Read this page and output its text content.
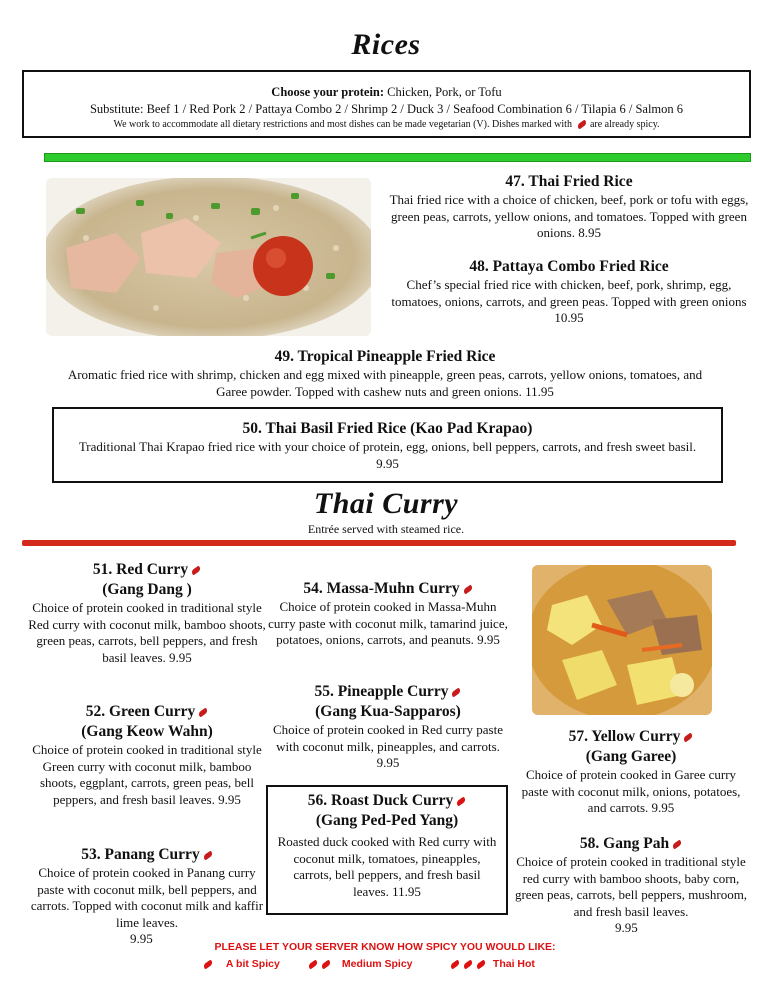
Rices
Choose your protein: Chicken, Pork, or Tofu
Substitute: Beef 1 / Red Pork 2 / Pattaya Combo 2 / Shrimp 2 / Duck 3 / Seafood Combination 6 / Tilapia 6 / Salmon 6
We work to accommodate all dietary restrictions and most dishes can be made vegetarian (V). Dishes marked with are already spicy.
47. Thai Fried Rice
Thai fried rice with a choice of chicken, beef, pork or tofu with eggs, green peas, carrots, yellow onions, and tomatoes. Topped with green onions. 8.95
48. Pattaya Combo Fried Rice
Chef’s special fried rice with chicken, beef, pork, shrimp, egg, tomatoes, onions, carrots, and green peas. Topped with green onions 10.95
49. Tropical Pineapple Fried Rice
Aromatic fried rice with shrimp, chicken and egg mixed with pineapple, green peas, carrots, yellow onions, tomatoes, and Garee powder. Topped with cashew nuts and green onions. 11.95
50. Thai Basil Fried Rice (Kao Pad Krapao)
Traditional Thai Krapao fried rice with your choice of protein, egg, onions, bell peppers, carrots, and fresh sweet basil. 9.95
Thai Curry
Entrée served with steamed rice.
51. Red Curry
(Gang Dang )
Choice of protein cooked in traditional style Red curry with coconut milk, bamboo shoots, green peas, carrots, bell peppers, and fresh basil leaves. 9.95
52. Green Curry
(Gang Keow Wahn)
Choice of protein cooked in traditional style Green curry with coconut milk, bamboo shoots, eggplant, carrots, green peas, bell peppers, and fresh basil leaves. 9.95
53. Panang Curry
Choice of protein cooked in Panang curry paste with coconut milk, bell peppers, and carrots. Topped with coconut milk and kaffir lime leaves.
9.95
54. Massa-Muhn Curry
Choice of protein cooked in Massa-Muhn curry paste with coconut milk, tamarind juice, potatoes, onions, carrots, and peanuts. 9.95
55. Pineapple Curry
(Gang Kua-Sapparos)
Choice of protein cooked in Red curry paste with coconut milk, pineapples, and carrots. 9.95
56. Roast Duck Curry
(Gang Ped-Ped Yang)
Roasted duck cooked with Red curry with coconut milk, tomatoes, pineapples, carrots, bell peppers, and fresh basil leaves. 11.95
57. Yellow Curry
(Gang Garee)
Choice of protein cooked in Garee curry paste with coconut milk, onions, potatoes, and carrots. 9.95
58. Gang Pah
Choice of protein cooked in traditional style red curry with bamboo shoots, baby corn, green peas, carrots, bell peppers, mushroom, and fresh basil leaves.
9.95
PLEASE LET YOUR SERVER KNOW HOW SPICY YOU WOULD LIKE:
A bit Spicy	Medium Spicy	Thai Hot
